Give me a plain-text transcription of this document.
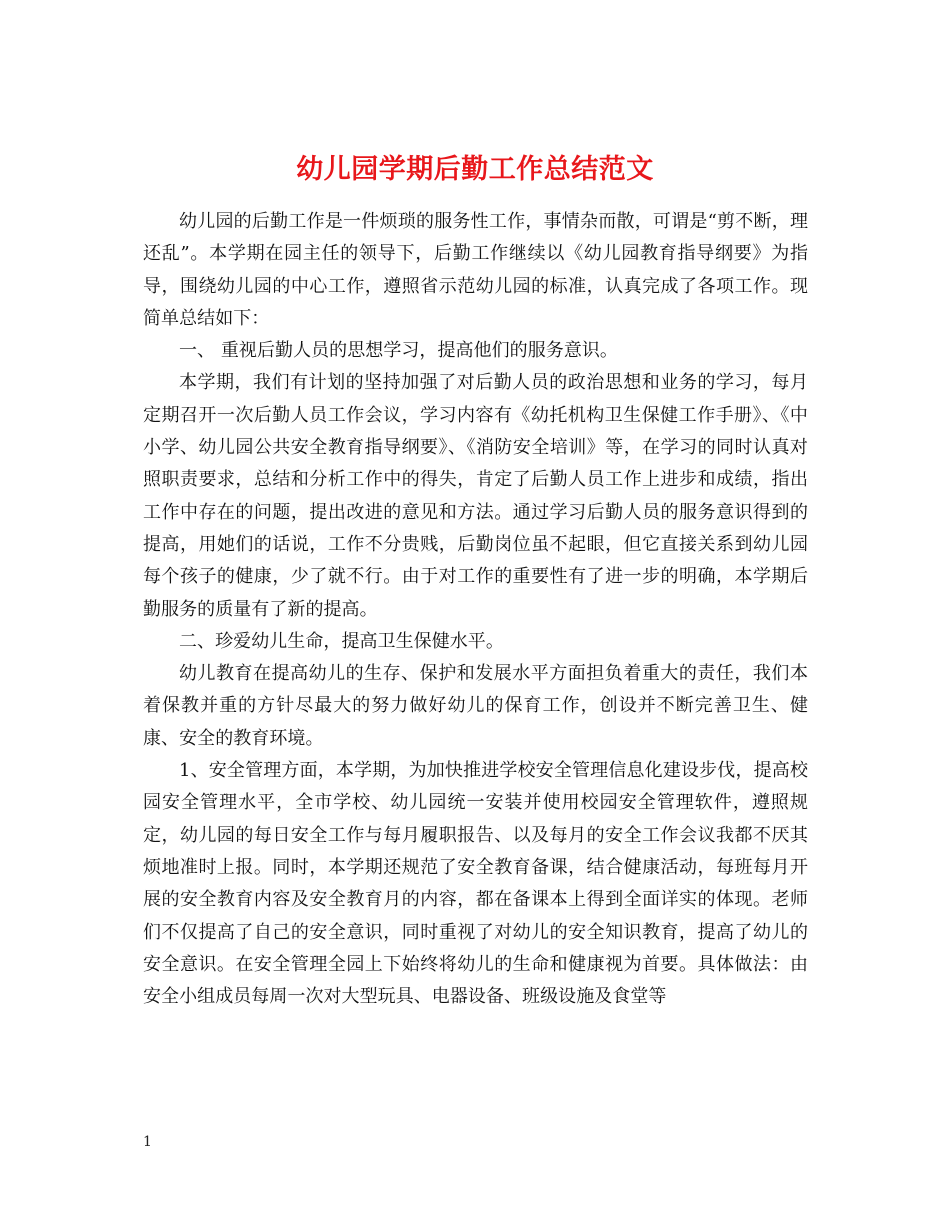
幼儿园学期后勤工作总结范文

幼儿园的后勤工作是一件烦琐的服务性工作，事情杂而散，可谓是“剪不断，理还乱”。本学期在园主任的领导下，后勤工作继续以《幼儿园教育指导纲要》为指导，围绕幼儿园的中心工作，遵照省示范幼儿园的标准，认真完成了各项工作。现简单总结如下：

一、 重视后勤人员的思想学习，提高他们的服务意识。

本学期，我们有计划的坚持加强了对后勤人员的政治思想和业务的学习，每月定期召开一次后勤人员工作会议，学习内容有《幼托机构卫生保健工作手册》、《中小学、幼儿园公共安全教育指导纲要》、《消防安全培训》等，在学习的同时认真对照职责要求，总结和分析工作中的得失，肯定了后勤人员工作上进步和成绩，指出工作中存在的问题，提出改进的意见和方法。通过学习后勤人员的服务意识得到的提高，用她们的话说，工作不分贵贱，后勤岗位虽不起眼，但它直接关系到幼儿园每个孩子的健康，少了就不行。由于对工作的重要性有了进一步的明确，本学期后勤服务的质量有了新的提高。

二、珍爱幼儿生命，提高卫生保健水平。

幼儿教育在提高幼儿的生存、保护和发展水平方面担负着重大的责任，我们本着保教并重的方针尽最大的努力做好幼儿的保育工作，创设并不断完善卫生、健康、安全的教育环境。

1、安全管理方面，本学期，为加快推进学校安全管理信息化建设步伐，提高校园安全管理水平，全市学校、幼儿园统一安装并使用校园安全管理软件，遵照规定，幼儿园的每日安全工作与每月履职报告、以及每月的安全工作会议我都不厌其烦地准时上报。同时，本学期还规范了安全教育备课，结合健康活动，每班每月开展的安全教育内容及安全教育月的内容，都在备课本上得到全面详实的体现。老师们不仅提高了自己的安全意识，同时重视了对幼儿的安全知识教育，提高了幼儿的安全意识。在安全管理全园上下始终将幼儿的生命和健康视为首要。具体做法：由安全小组成员每周一次对大型玩具、电器设备、班级设施及食堂等

1
